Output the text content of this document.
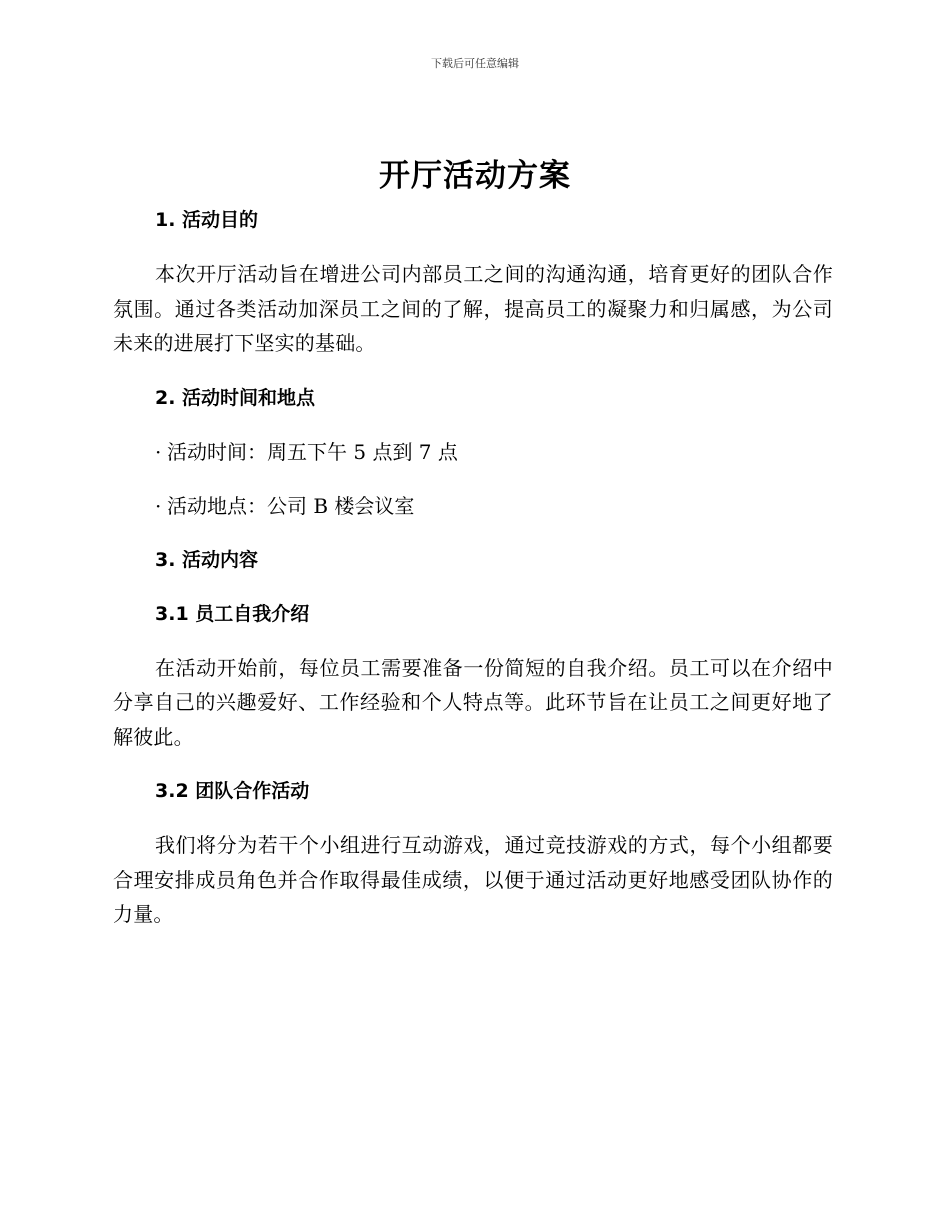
下载后可任意编辑
开厅活动方案

1. 活动目的

本次开厅活动旨在增进公司内部员工之间的沟通沟通，培育更好的团队合作氛围。通过各类活动加深员工之间的了解，提高员工的凝聚力和归属感，为公司未来的进展打下坚实的基础。

2. 活动时间和地点

· 活动时间：周五下午 5 点到 7 点

· 活动地点：公司 B 楼会议室

3. 活动内容

3.1 员工自我介绍

在活动开始前，每位员工需要准备一份简短的自我介绍。员工可以在介绍中分享自己的兴趣爱好、工作经验和个人特点等。此环节旨在让员工之间更好地了解彼此。

3.2 团队合作活动

我们将分为若干个小组进行互动游戏，通过竞技游戏的方式，每个小组都要合理安排成员角色并合作取得最佳成绩，以便于通过活动更好地感受团队协作的力量。
